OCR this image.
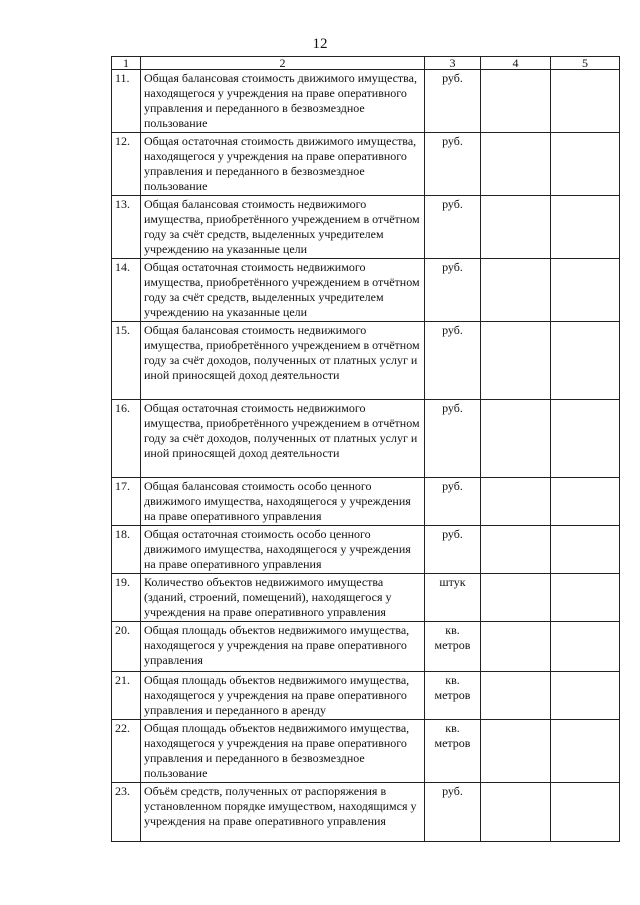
12
1	2	3	4	5
11.	Общая балансовая стоимость движимого имущества, находящегося у учреждения на праве оперативного управления и переданного в безвозмездное пользование	руб.		
12.	Общая остаточная стоимость движимого имущества, находящегося у учреждения на праве оперативного управления и переданного в безвозмездное пользование	руб.		
13.	Общая балансовая стоимость недвижимого имущества, приобретённого учреждением в отчётном году за счёт средств, выделенных учредителем учреждению на указанные цели	руб.		
14.	Общая остаточная стоимость недвижимого имущества, приобретённого учреждением в отчётном году за счёт средств, выделенных учредителем учреждению на указанные цели	руб.		
15.	Общая балансовая стоимость недвижимого имущества, приобретённого учреждением в отчётном году за счёт доходов, полученных от платных услуг и иной приносящей доход деятельности	руб.		
16.	Общая остаточная стоимость недвижимого имущества, приобретённого учреждением в отчётном году за счёт доходов, полученных от платных услуг и иной приносящей доход деятельности	руб.		
17.	Общая балансовая стоимость особо ценного движимого имущества, находящегося у учреждения на праве оперативного управления	руб.		
18.	Общая остаточная стоимость особо ценного движимого имущества, находящегося у учреждения на праве оперативного управления	руб.		
19.	Количество объектов недвижимого имущества (зданий, строений, помещений), находящегося у учреждения на праве оперативного управления	штук		
20.	Общая площадь объектов недвижимого имущества, находящегося у учреждения на праве оперативного управления	кв. метров		
21.	Общая площадь объектов недвижимого имущества, находящегося у учреждения на праве оперативного управления и переданного в аренду	кв. метров		
22.	Общая площадь объектов недвижимого имущества, находящегося у учреждения на праве оперативного управления и переданного в безвозмездное пользование	кв. метров		
23.	Объём средств, полученных от распоряжения в установленном порядке имуществом, находящимся у учреждения на праве оперативного управления	руб.		
